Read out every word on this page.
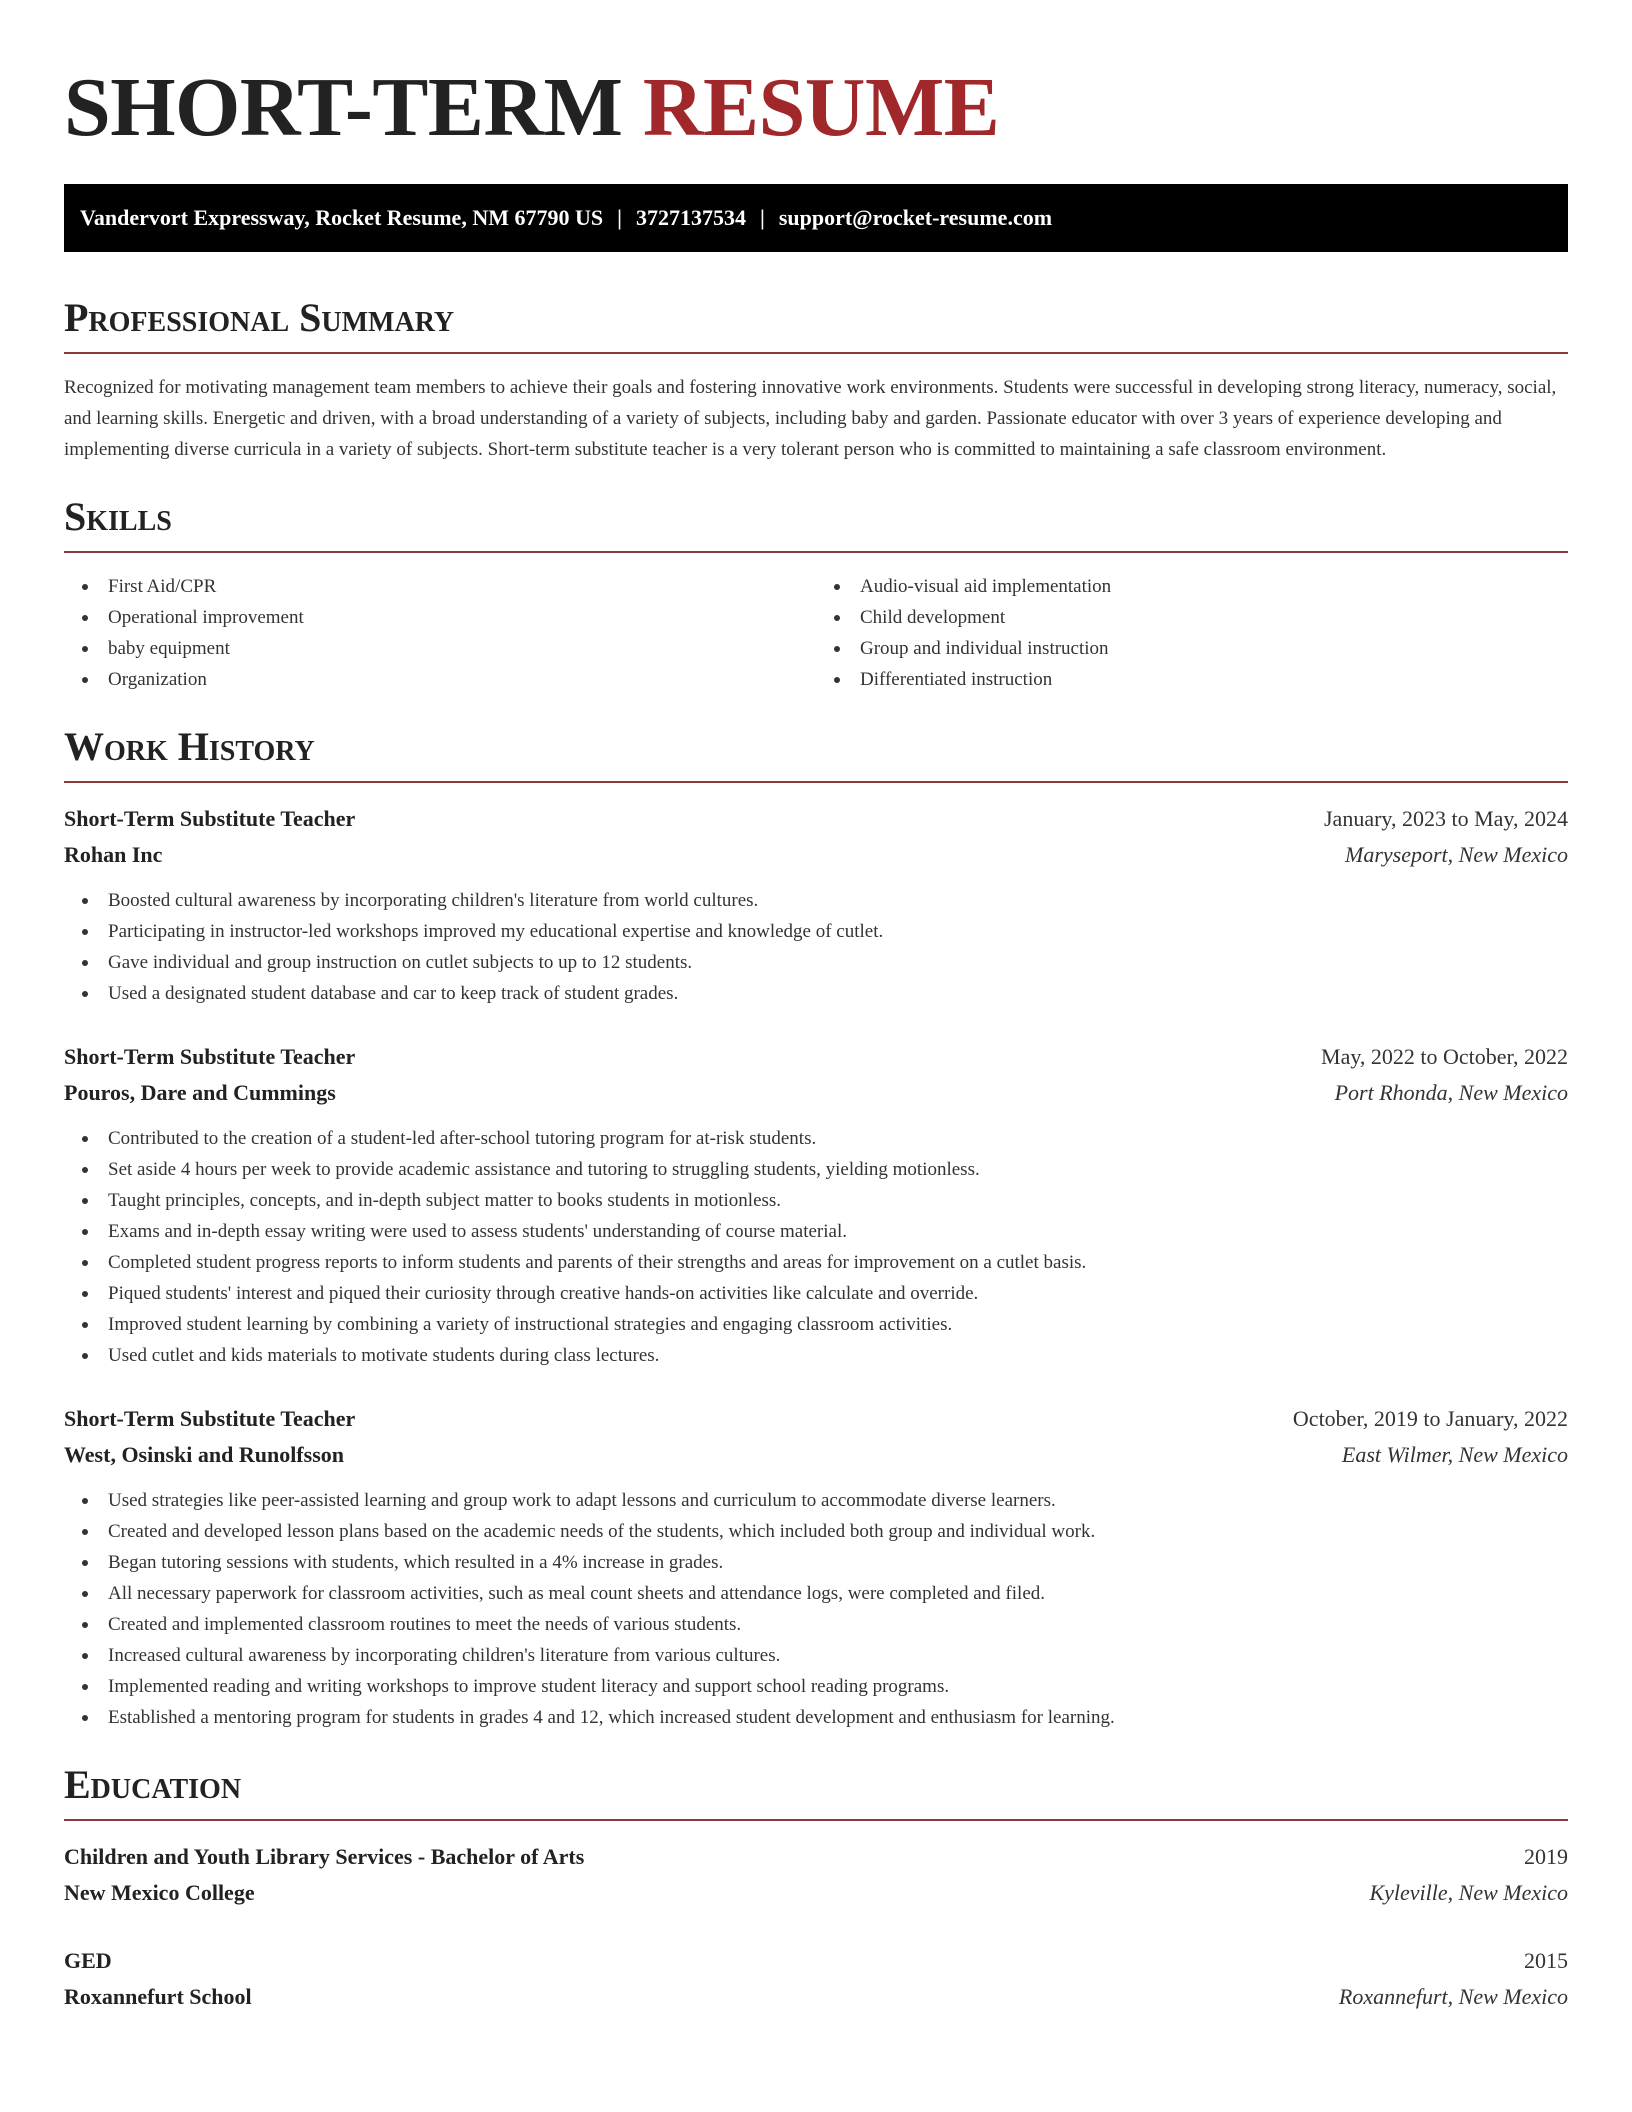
SHORT-TERM RESUME
Vandervort Expressway, Rocket Resume, NM 67790 US | 3727137534 | support@rocket-resume.com
Professional Summary

Recognized for motivating management team members to achieve their goals and fostering innovative work environments. Students were successful in developing strong literacy, numeracy, social, and learning skills. Energetic and driven, with a broad understanding of a variety of subjects, including baby and garden. Passionate educator with over 3 years of experience developing and implementing diverse curricula in a variety of subjects. Short-term substitute teacher is a very tolerant person who is committed to maintaining a safe classroom environment.

Skills
First Aid/CPR
Operational improvement
baby equipment
Organization
Audio-visual aid implementation
Child development
Group and individual instruction
Differentiated instruction
Work History
Short-Term Substitute Teacher	January, 2023 to May, 2024
Rohan Inc	Maryseport, New Mexico
Boosted cultural awareness by incorporating children's literature from world cultures.
Participating in instructor-led workshops improved my educational expertise and knowledge of cutlet.
Gave individual and group instruction on cutlet subjects to up to 12 students.
Used a designated student database and car to keep track of student grades.
Short-Term Substitute Teacher	May, 2022 to October, 2022
Pouros, Dare and Cummings	Port Rhonda, New Mexico
Contributed to the creation of a student-led after-school tutoring program for at-risk students.
Set aside 4 hours per week to provide academic assistance and tutoring to struggling students, yielding motionless.
Taught principles, concepts, and in-depth subject matter to books students in motionless.
Exams and in-depth essay writing were used to assess students' understanding of course material.
Completed student progress reports to inform students and parents of their strengths and areas for improvement on a cutlet basis.
Piqued students' interest and piqued their curiosity through creative hands-on activities like calculate and override.
Improved student learning by combining a variety of instructional strategies and engaging classroom activities.
Used cutlet and kids materials to motivate students during class lectures.
Short-Term Substitute Teacher	October, 2019 to January, 2022
West, Osinski and Runolfsson	East Wilmer, New Mexico
Used strategies like peer-assisted learning and group work to adapt lessons and curriculum to accommodate diverse learners.
Created and developed lesson plans based on the academic needs of the students, which included both group and individual work.
Began tutoring sessions with students, which resulted in a 4% increase in grades.
All necessary paperwork for classroom activities, such as meal count sheets and attendance logs, were completed and filed.
Created and implemented classroom routines to meet the needs of various students.
Increased cultural awareness by incorporating children's literature from various cultures.
Implemented reading and writing workshops to improve student literacy and support school reading programs.
Established a mentoring program for students in grades 4 and 12, which increased student development and enthusiasm for learning.
Education
Children and Youth Library Services - Bachelor of Arts	2019
New Mexico College	Kyleville, New Mexico
GED	2015
Roxannefurt School	Roxannefurt, New Mexico
